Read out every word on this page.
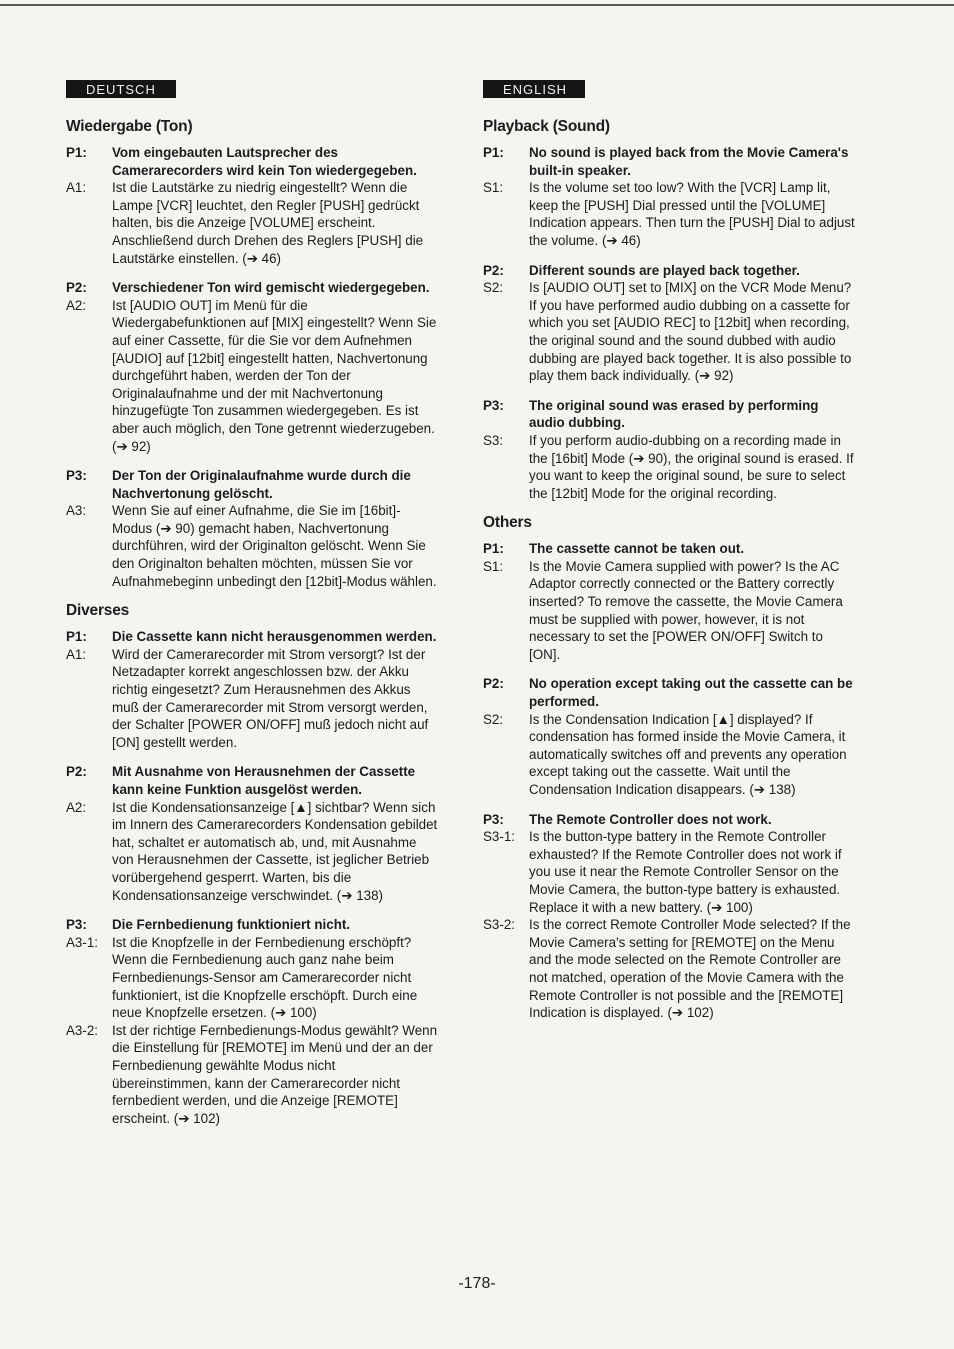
DEUTSCH
Wiedergabe (Ton)
P1:	Vom eingebauten Lautsprecher des Camerarecorders wird kein Ton wiedergegeben.
A1:	Ist die Lautstärke zu niedrig eingestellt? Wenn die Lampe [VCR] leuchtet, den Regler [PUSH] gedrückt halten, bis die Anzeige [VOLUME] erscheint. Anschließend durch Drehen des Reglers [PUSH] die Lautstärke einstellen. (➔ 46)
P2:	Verschiedener Ton wird gemischt wiedergegeben.
A2:	Ist [AUDIO OUT] im Menü für die Wiedergabefunktionen auf [MIX] eingestellt? Wenn Sie auf einer Cassette, für die Sie vor dem Aufnehmen [AUDIO] auf [12bit] eingestellt hatten, Nachvertonung durchgeführt haben, werden der Ton der Originalaufnahme und der mit Nachvertonung hinzugefügte Ton zusammen wiedergegeben. Es ist aber auch möglich, den Tone getrennt wiederzugeben. (➔ 92)
P3:	Der Ton der Originalaufnahme wurde durch die Nachvertonung gelöscht.
A3:	Wenn Sie auf einer Aufnahme, die Sie im [16bit]-Modus (➔ 90) gemacht haben, Nachvertonung durchführen, wird der Originalton gelöscht. Wenn Sie den Originalton behalten möchten, müssen Sie vor Aufnahmebeginn unbedingt den [12bit]-Modus wählen.
Diverses
P1:	Die Cassette kann nicht herausgenommen werden.
A1:	Wird der Camerarecorder mit Strom versorgt? Ist der Netzadapter korrekt angeschlossen bzw. der Akku richtig eingesetzt? Zum Herausnehmen des Akkus muß der Camerarecorder mit Strom versorgt werden, der Schalter [POWER ON/OFF] muß jedoch nicht auf [ON] gestellt werden.
P2:	Mit Ausnahme von Herausnehmen der Cassette kann keine Funktion ausgelöst werden.
A2:	Ist die Kondensationsanzeige [▲] sichtbar? Wenn sich im Innern des Camerarecorders Kondensation gebildet hat, schaltet er automatisch ab, und, mit Ausnahme von Herausnehmen der Cassette, ist jeglicher Betrieb vorübergehend gesperrt. Warten, bis die Kondensationsanzeige verschwindet. (➔ 138)
P3:	Die Fernbedienung funktioniert nicht.
A3-1:	Ist die Knopfzelle in der Fernbedienung erschöpft? Wenn die Fernbedienung auch ganz nahe beim Fernbedienungs-Sensor am Camerarecorder nicht funktioniert, ist die Knopfzelle erschöpft. Durch eine neue Knopfzelle ersetzen. (➔ 100)
A3-2:	Ist der richtige Fernbedienungs-Modus gewählt? Wenn die Einstellung für [REMOTE] im Menü und der an der Fernbedienung gewählte Modus nicht übereinstimmen, kann der Camerarecorder nicht fernbedient werden, und die Anzeige [REMOTE] erscheint. (➔ 102)
ENGLISH
Playback (Sound)
P1:	No sound is played back from the Movie Camera's built-in speaker.
S1:	Is the volume set too low? With the [VCR] Lamp lit, keep the [PUSH] Dial pressed until the [VOLUME] Indication appears. Then turn the [PUSH] Dial to adjust the volume. (➔ 46)
P2:	Different sounds are played back together.
S2:	Is [AUDIO OUT] set to [MIX] on the VCR Mode Menu? If you have performed audio dubbing on a cassette for which you set [AUDIO REC] to [12bit] when recording, the original sound and the sound dubbed with audio dubbing are played back together. It is also possible to play them back individually. (➔ 92)
P3:	The original sound was erased by performing audio dubbing.
S3:	If you perform audio-dubbing on a recording made in the [16bit] Mode (➔ 90), the original sound is erased. If you want to keep the original sound, be sure to select the [12bit] Mode for the original recording.
Others
P1:	The cassette cannot be taken out.
S1:	Is the Movie Camera supplied with power? Is the AC Adaptor correctly connected or the Battery correctly inserted? To remove the cassette, the Movie Camera must be supplied with power, however, it is not necessary to set the [POWER ON/OFF] Switch to [ON].
P2:	No operation except taking out the cassette can be performed.
S2:	Is the Condensation Indication [▲] displayed? If condensation has formed inside the Movie Camera, it automatically switches off and prevents any operation except taking out the cassette. Wait until the Condensation Indication disappears. (➔ 138)
P3:	The Remote Controller does not work.
S3-1:	Is the button-type battery in the Remote Controller exhausted? If the Remote Controller does not work if you use it near the Remote Controller Sensor on the Movie Camera, the button-type battery is exhausted. Replace it with a new battery. (➔ 100)
S3-2:	Is the correct Remote Controller Mode selected? If the Movie Camera's setting for [REMOTE] on the Menu and the mode selected on the Remote Controller are not matched, operation of the Movie Camera with the Remote Controller is not possible and the [REMOTE] Indication is displayed. (➔ 102)
-178-
